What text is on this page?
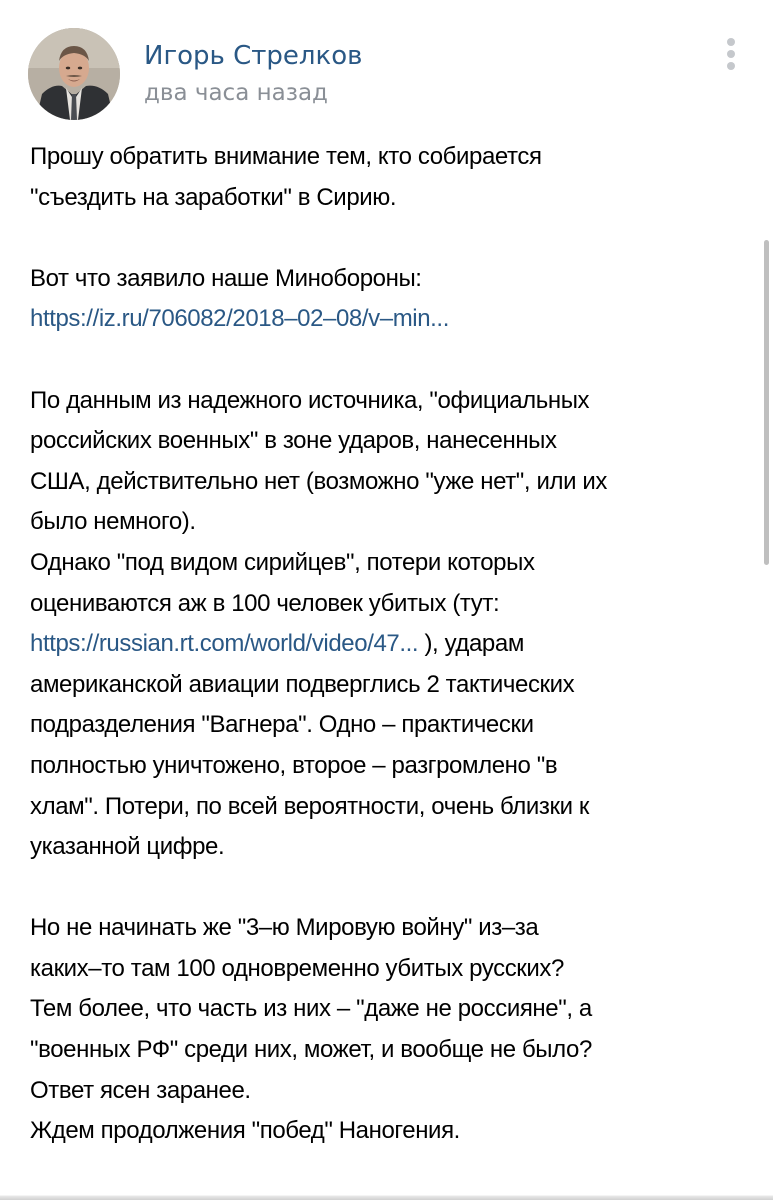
Игорь Стрелков
два часа назад
Прошу обратить внимание тем, кто собирается
"съездить на заработки" в Сирию.
Вот что заявило наше Минобороны:
https://iz.ru/706082/2018–02–08/v–min...
По данным из надежного источника, "официальных
российских военных" в зоне ударов, нанесенных
США, действительно нет (возможно "уже нет", или их
было немного).
Однако "под видом сирийцев", потери которых
оцениваются аж в 100 человек убитых (тут:
https://russian.rt.com/world/video/47... ), ударам
американской авиации подверглись 2 тактических
подразделения "Вагнера". Одно – практически
полностью уничтожено, второе – разгромлено "в
хлам". Потери, по всей вероятности, очень близки к
указанной цифре.
Но не начинать же "3–ю Мировую войну" из–за
каких–то там 100 одновременно убитых русских?
Тем более, что часть из них – "даже не россияне", а
"военных РФ" среди них, может, и вообще не было?
Ответ ясен заранее.
Ждем продолжения "побед" Наногения.
